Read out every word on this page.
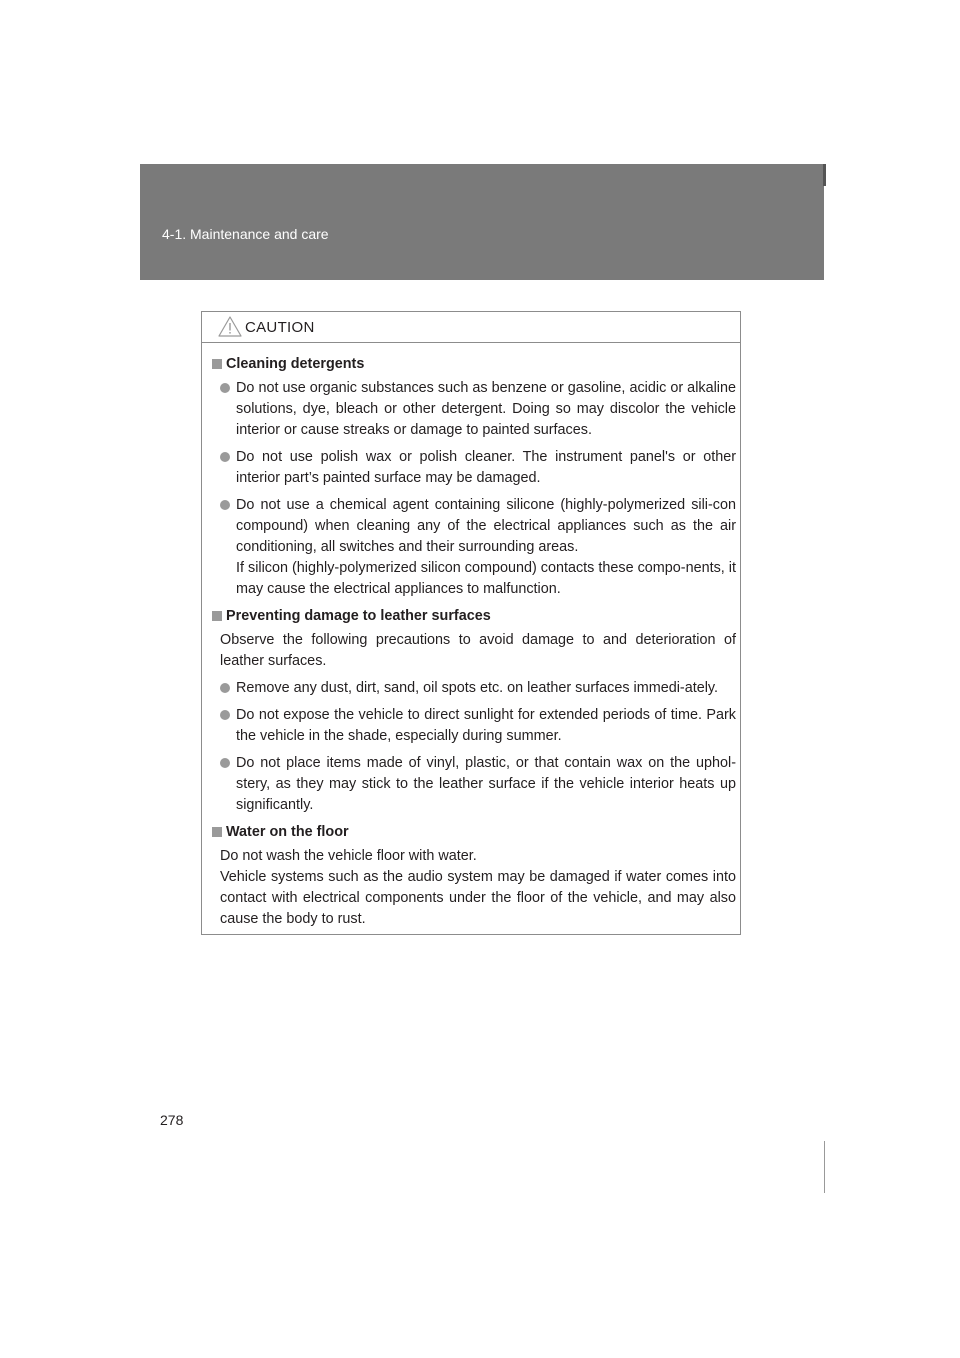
4-1. Maintenance and care
CAUTION
Cleaning detergents
Do not use organic substances such as benzene or gasoline, acidic or alkaline solutions, dye, bleach or other detergent. Doing so may discolor the vehicle interior or cause streaks or damage to painted surfaces.
Do not use polish wax or polish cleaner. The instrument panel's or other interior part’s painted surface may be damaged.
Do not use a chemical agent containing silicone (highly-polymerized sili-con compound) when cleaning any of the electrical appliances such as the air conditioning, all switches and their surrounding areas.
If silicon (highly-polymerized silicon compound) contacts these compo-nents, it may cause the electrical appliances to malfunction.
Preventing damage to leather surfaces
Observe the following precautions to avoid damage to and deterioration of leather surfaces.
Remove any dust, dirt, sand, oil spots etc. on leather surfaces immedi-ately.
Do not expose the vehicle to direct sunlight for extended periods of time. Park the vehicle in the shade, especially during summer.
Do not place items made of vinyl, plastic, or that contain wax on the uphol-stery, as they may stick to the leather surface if the vehicle interior heats up significantly.
Water on the floor
Do not wash the vehicle floor with water.
Vehicle systems such as the audio system may be damaged if water comes into contact with electrical components under the floor of the vehicle, and may also cause the body to rust.
278
